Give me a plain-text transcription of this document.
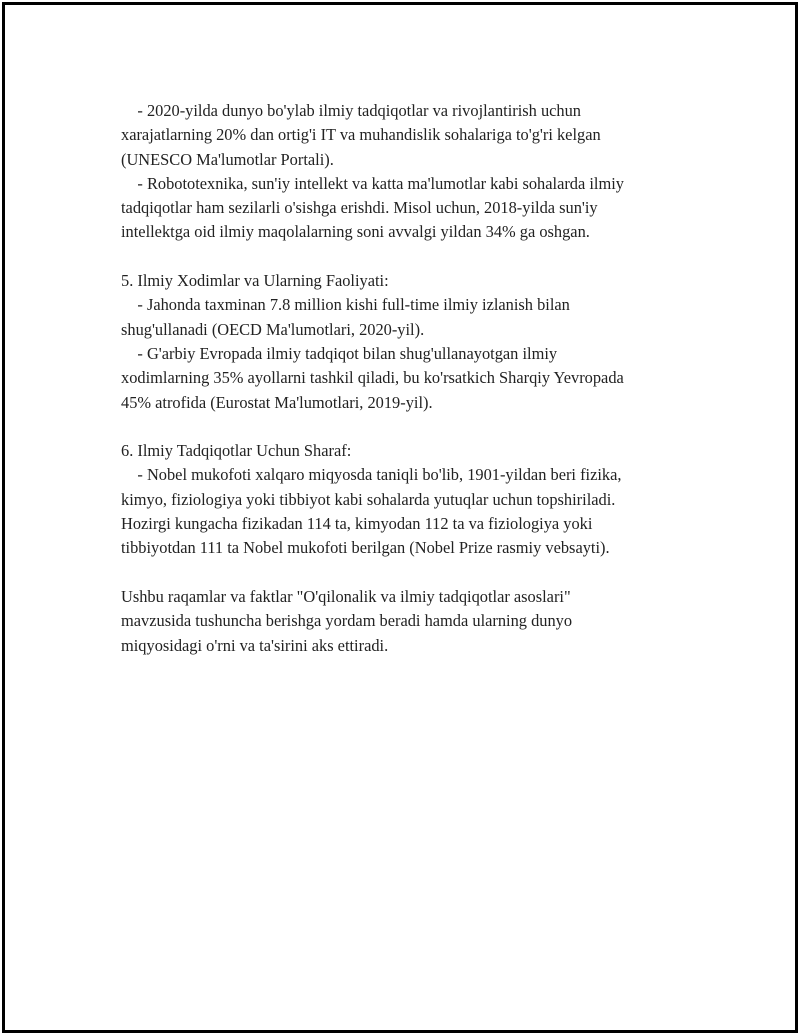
- 2020-yilda dunyo bo'ylab ilmiy tadqiqotlar va rivojlantirish uchun
xarajatlarning 20% dan ortig'i IT va muhandislik sohalariga to'g'ri kelgan
(UNESCO Ma'lumotlar Portali).
- Robototexnika, sun'iy intellekt va katta ma'lumotlar kabi sohalarda ilmiy
tadqiqotlar ham sezilarli o'sishga erishdi. Misol uchun, 2018-yilda sun'iy
intellektga oid ilmiy maqolalarning soni avvalgi yildan 34% ga oshgan.
5. Ilmiy Xodimlar va Ularning Faoliyati:
- Jahonda taxminan 7.8 million kishi full-time ilmiy izlanish bilan
shug'ullanadi (OECD Ma'lumotlari, 2020-yil).
- G'arbiy Evropada ilmiy tadqiqot bilan shug'ullanayotgan ilmiy
xodimlarning 35% ayollarni tashkil qiladi, bu ko'rsatkich Sharqiy Yevropada
45% atrofida (Eurostat Ma'lumotlari, 2019-yil).
6. Ilmiy Tadqiqotlar Uchun Sharaf:
- Nobel mukofoti xalqaro miqyosda taniqli bo'lib, 1901-yildan beri fizika,
kimyo, fiziologiya yoki tibbiyot kabi sohalarda yutuqlar uchun topshiriladi.
Hozirgi kungacha fizikadan 114 ta, kimyodan 112 ta va fiziologiya yoki
tibbiyotdan 111 ta Nobel mukofoti berilgan (Nobel Prize rasmiy vebsayti).
Ushbu raqamlar va faktlar "O'qilonalik va ilmiy tadqiqotlar asoslari"
mavzusida tushuncha berishga yordam beradi hamda ularning dunyo
miqyosidagi o'rni va ta'sirini aks ettiradi.
